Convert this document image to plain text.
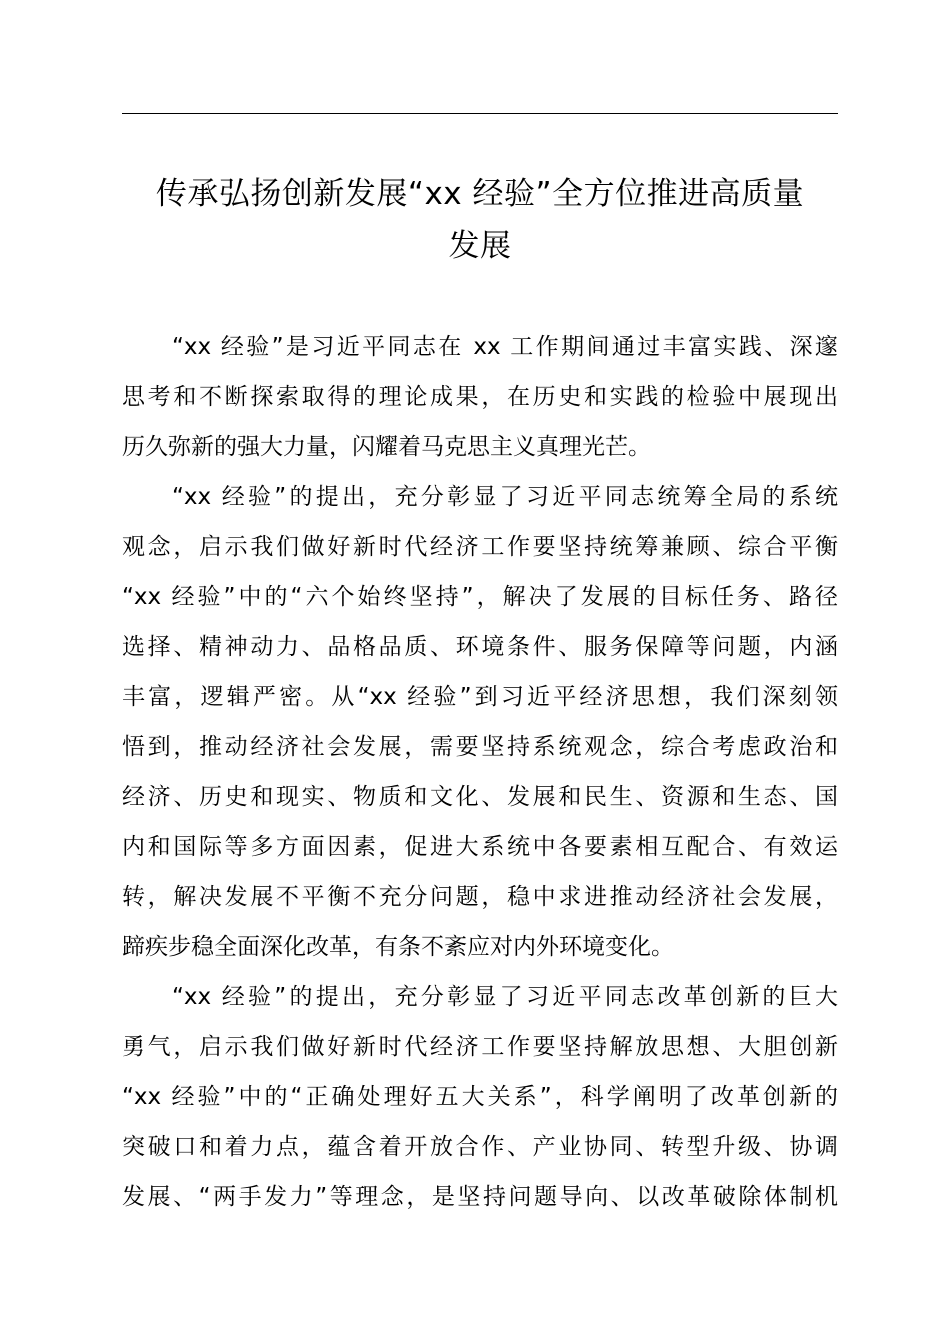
传承弘扬创新发展“xx 经验”全方位推进高质量
发展

“xx 经验”是习近平同志在 xx 工作期间通过丰富实践、深邃
思考和不断探索取得的理论成果，在历史和实践的检验中展现出
历久弥新的强大力量，闪耀着马克思主义真理光芒。

“xx 经验”的提出，充分彰显了习近平同志统筹全局的系统
观念，启示我们做好新时代经济工作要坚持统筹兼顾、综合平衡
“xx 经验”中的“六个始终坚持”，解决了发展的目标任务、路径
选择、精神动力、品格品质、环境条件、服务保障等问题，内涵
丰富，逻辑严密。从“xx 经验”到习近平经济思想，我们深刻领
悟到，推动经济社会发展，需要坚持系统观念，综合考虑政治和
经济、历史和现实、物质和文化、发展和民生、资源和生态、国
内和国际等多方面因素，促进大系统中各要素相互配合、有效运
转，解决发展不平衡不充分问题，稳中求进推动经济社会发展，
蹄疾步稳全面深化改革，有条不紊应对内外环境变化。

“xx 经验”的提出，充分彰显了习近平同志改革创新的巨大
勇气，启示我们做好新时代经济工作要坚持解放思想、大胆创新
“xx 经验”中的“正确处理好五大关系”，科学阐明了改革创新的
突破口和着力点，蕴含着开放合作、产业协同、转型升级、协调
发展、“两手发力”等理念，是坚持问题导向、以改革破除体制机
